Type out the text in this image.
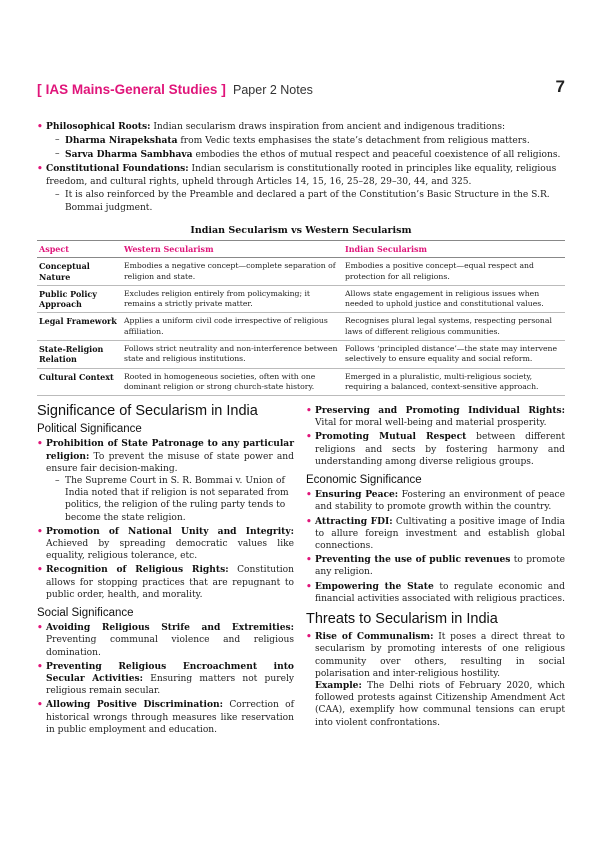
[ IAS Mains-General Studies ] Paper 2 Notes	7
• Philosophical Roots: Indian secularism draws inspiration from ancient and indigenous traditions:
– Dharma Nirapekshata from Vedic texts emphasises the state’s detachment from religious matters.
– Sarva Dharma Sambhava embodies the ethos of mutual respect and peaceful coexistence of all religions.
• Constitutional Foundations: Indian secularism is constitutionally rooted in principles like equality, religious freedom, and cultural rights, upheld through Articles 14, 15, 16, 25–28, 29–30, 44, and 325.
– It is also reinforced by the Preamble and declared a part of the Constitution’s Basic Structure in the S.R. Bommai judgment.
Indian Secularism vs Western Secularism
Aspect	Western Secularism	Indian Secularism
Conceptual Nature	Embodies a negative concept—complete separation of religion and state.	Embodies a positive concept—equal respect and protection for all religions.
Public Policy Approach	Excludes religion entirely from policymaking; it remains a strictly private matter.	Allows state engagement in religious issues when needed to uphold justice and constitutional values.
Legal Framework	Applies a uniform civil code irrespective of religious affiliation.	Recognises plural legal systems, respecting personal laws of different religious communities.
State-Religion Relation	Follows strict neutrality and non-interference between state and religious institutions.	Follows ‘principled distance’—the state may intervene selectively to ensure equality and social reform.
Cultural Context	Rooted in homogeneous societies, often with one dominant religion or strong church-state history.	Emerged in a pluralistic, multi-religious society, requiring a balanced, context-sensitive approach.
Significance of Secularism in India
Political Significance
• Prohibition of State Patronage to any particular religion: To prevent the misuse of state power and ensure fair decision-making.
– The Supreme Court in S. R. Bommai v. Union of India noted that if religion is not separated from politics, the religion of the ruling party tends to become the state religion.
• Promotion of National Unity and Integrity: Achieved by spreading democratic values like equality, religious tolerance, etc.
• Recognition of Religious Rights: Constitution allows for stopping practices that are repugnant to public order, health, and morality.
Social Significance
• Avoiding Religious Strife and Extremities: Preventing communal violence and religious domination.
• Preventing Religious Encroachment into Secular Activities: Ensuring matters not purely religious remain secular.
• Allowing Positive Discrimination: Correction of historical wrongs through measures like reservation in public employment and education.
• Preserving and Promoting Individual Rights: Vital for moral well-being and material prosperity.
• Promoting Mutual Respect between different religions and sects by fostering harmony and understanding among diverse religious groups.
Economic Significance
• Ensuring Peace: Fostering an environment of peace and stability to promote growth within the country.
• Attracting FDI: Cultivating a positive image of India to allure foreign investment and establish global connections.
• Preventing the use of public revenues to promote any religion.
• Empowering the State to regulate economic and financial activities associated with religious practices.
Threats to Secularism in India
• Rise of Communalism: It poses a direct threat to secularism by promoting interests of one religious community over others, resulting in social polarisation and inter-religious hostility.
Example: The Delhi riots of February 2020, which followed protests against Citizenship Amendment Act (CAA), exemplify how communal tensions can erupt into violent confrontations.
